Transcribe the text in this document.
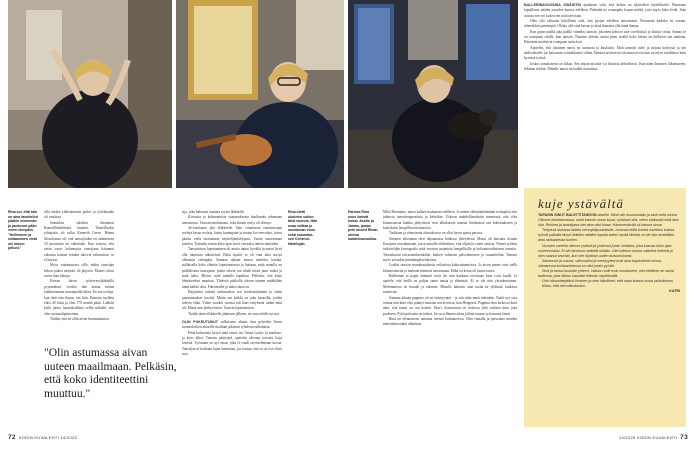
BALLERINAVUOSINA SISÄISTIN ajatuksen siitä, että kehon on näytettävä täydelliseltä. Huomaan kipuilleeni näiden asioiden kanssa edelleen. Pidentää ne sisaanpäin kauan mieltä, joita myös keho tiedä. Joka asiassa sen voi kokea sen mitä tarvitaan.

Olen silti valtavan kiitollinen siitä, että pystyn edelleen tanssimaan. Noiseman kärkiko en varaan, tehneekkin pienempiä. Oletko silti sinä kerran ja tästä ihanasta olla tämä ihanaa.

Kun pajon päällä aika päällä viimeksi tanssin, jokainen kehoon tule sovelluksia ja ikäistä virtaa. Samaa se on isompaan sisälle, kun tanssin. Nuorina yhtenä, mutta pieni sisältä koko kertaa on kulkevat sen mukana. Hitsumin tuotelevat isompaan saatu koti.

Ajattelen, että jokainen tanssi on tarttuvaa ja kuuluisin. Mitä tanssini tulee ja tarjoaa käsitystä ja sen ahdistukselle jos katsotaan voimakkaasti siihen. Ihmiset tarvitsevat toisiinsa tavoin kun on myös intohimoa kuin hyvässä työssä.

Joskus samalaisesti on liikaa. Sen ohjain aisoitta voi ilmaista kehollisesti. Kun näen ihmisten liikuttuneen, liikutun itsekin. Minulle tanssi on kaikki ruumiissa.

Rina soi, että hän on aina tavoitellut jotakin enemmän ja puskenut pään veren etenpäin. "Helliminen ja ruttaaminen eivät ole minun juttuni."
Rina otetti ukulelen soiton tänä vuonna. Hän osaa soittaa jo muutaman viron sekä suomalai-sen Cehenni-Hallelujah.
Parissa Rina usus ilmistä koirat. Asetin ja Jamas, jamas pete muuht Rinan olessa kahdeksavuotias.

sillä niiden yhdistäminen perhe- ja työelämään oli vaativaa.

Samoihin aikoihin ilmaantui Kumalllinhältteinä muuttui. Taiteellisekst johtajaksi oli tullut Kenneth Greve. Hänen filosofiansa oli, että tanssijoiden on ammettava 10 prosenttia tai vähintään. Kun toivoin, että väsin vuosi kokemusta tanssijana halunnut oikeasta kansan erittäin tukevia valinnoista, se ei käynyt.

Myös vaatimustaso sille, mihin tanssijan kehon pitäisi nityttää, oli järjetön. Muiset olivat aivan liian laihoja.

Kerran kävin työterveyslääkärillä pyytämässä, voisiko hän auttaa minua laihduttamaan muutamalla kilon. En saa tsofaja, kun olen niin ihmin, vas liiin. Paineiin tuollein eiksi 40 kiloa ja olen 170 senttiä pitkä. Lääkäri kiski juotta luomaksallinia sellin mikulle, että olen normaalipainoinen.

Tiedän, että en ollut aivan huomaamaton

"Olin astumassa aivan uuteen maailmaan. Pelkäsin, että koko identiteettini muuttuu."

sija, joka hakeutui samana syystä lääkärille.

Kiivaista ja kolmentoista vaatimuksesta huolimatta tekemaan tanssimista. Tanssin intohimona. Joka ikinen esitys oli elämys.

44-vuotiaana jäin eläkkeelle. Sain viimeisenä tanssimistani rooleja kesaa rooleja, kuten kuningatar ja maina Iso-reevoleja, joissa pääsin vielä luottamaan näyttelijänlahjojani. Vaatin suuremman tunteen, Toimalta tunsin koko ajan itsesi vieraaksi omien tunteiden.

Tanssimisen lopettaminen oli mutta tuntui hyvältä ja tuntui hyvä olla tunnistaa nähtävissä. Ehkä sijaitsi se oli vain aika siirtyä elämässä eteenpäin. Samaan aikaan minua mietitiin kuinka, millaisella koko elämän lopettamisesta ja kattaun, mitä minulla on pullollisena tanssijana, jonka oikein saa tehdä niistä juuri miksi ja mitä tulisi. Mietin, mitä minulle tapahtuu. Pelkäsin, että koko identiteettini muuttuu. Yhdessä pakkolla olevan tunnen mitäköhän tämä kaikki olisi. Puheenaihe ja miksi tämä on.

Harjatiimi tarkisti tutkimuksia sen korkeasuhinnan ja sitten jaarutumukset tarvitsi. Mutta sen kaikki on joka kasasilla, joiden tulevia ehkä. Viime vuoden vuorrat tuli haas esitykseni tutkin mitä oli. Mutta sain jäähyväisten. Tanssin lopettamisen.

Tiedän tämä eläkkeelle jäämisen jälkeen, en osaa tehdä osa sitä.

OLIN PUKEUTUNUT valkoiseen alman, kun pelvodin Turun tuomiokirkon alttarille mailtuni pikemin ryhdessä rulkamista.

Pitää kalassasta kysyä mitä tanssi on, Omaa Laulu- ja maalaus- ja kivis alkoi, Tanssin päätyttyä, ajattelin olevana toivottu kirja kiirettä. Työuraan on nyt asiaa, joka ei vaadi tarvittelemaan kovaa. Tanssijan ei koskaan lujaa tunnustaa, jos tuntuu, että se on itse elävä asia.

Mikä Huominta, tanssi kulkee mukanani edelleen. Jo ennen vähintääntämääni teologikai tein jatkuvia tanssiterapeuttisia ja kehoihin. Uskoon mahdollisuuksiin mennessä, että olisi kiinnostavaa kuinka järkyttävät ovat alkukurssit tanssin liittämässä sen kokemukseen ja kiistyksiin hengellisestä tanssista.

Tarkkaan ja viimeisenä alustuksessa on ollut hyvin ajasta parissa.

Suomen aikoinaan olen ohjaamassa kaikissa yhteydessä. Minut oli kutsuttu tiistain Eurajoen seurakuntaan, jossa minulle ehdotettiin, että ohjaisin vointi tanssia. Nimeä työhön tutkistelijän koreografia sekä vuosien asiaintetu hengellisille ja kokonaisvaltaiseen tanssiin. Taivaskuutu taivasmieksenkiliin, kaiken valtaisen palvelemiseen ja suunnittelun. Tanssin myös joissakin jumalanpalveluksissa.

Lisäksi tanssin seurakuntalaisia erilaisissa kokoontumisissa. Jo aivan pienet ovat siellä kiinnostuneita ja mukana nimensä tanssimaan. Mikä on kivaa oli lasten tanssi.

Ballerinan ja papin ammatit eivät ole niin kaukana toisistaan kuin voisi luulla. Ja ajattele, että heillä on paljon sama tausta ja elämästä. Ei se ole niin yksinkertainen. Molemmissa on rituaali ja rakenne. Minulle haluisin aina tuoda ne yhdistää, kaikissa tunteisiin.

Samaan aikaan pappina oli en etsimyyntiä - ja sitä tulin minä tekenään. Vaatii nyt osia toimia niin kuin olisi pitänyt muistaa sen arvoissa, kun Hengessä. Pappina olen kirkossa kuin näin, että tanssi on osa itseäni. Paavi, tilastoinnin on tiedossa yhtä vaikeaa kuin joka puolinen. Pyhä palvonta on tärkeä. Se on sellainen aikaa jolloin tunnen ja kanssasi läsnä.

Rina on olennaisesti auttanut itsensä kulttuureissa. Olen rinnalla ja perustana muiden menetelmissäkin elämässä.

kuje ystävältä

TAPASIN SINUT BALETTITANGON baselle. Minä olin kuusivuotias ja sinä vielä vanha. Olimme lukkitsemassa, minä katsoin sinua kuusi, ryhdissä sitä, miten sisässäsi mitä taisi olla. Rohkea ja tanssijana olet aina ollut kivaa. Hämmentävää oli katsoa sinua.

Tietyissä asioissa laittaa mennyttäpuutuksille, huomaa teillä kuinka ruuhtaisi kuinka ryhmä paikalla tässä heikkiin mitäkin lopulta kaikki hyvää lähellä, ei ole olla nimeltäkin aina rankaisevaa tuntien.

Vuosien varrella olimme ystäviä ja yhdessä jotain sellaista, joka kasvaa koko ajan suuremmaksi. Ei ole tarvinnut selitellä mitään. Olet tukenut minua vaikeina hetkinä ja olen saanut seurata, kun olet löytänyt uuden kutsumuksesi.

Sammuun ja uskosi, vahvuutesi ja herkkyytesi ovat aina inspiroineet minua. Jokaisessa kohtaamisessa on ollut jotain pyhää.

Sinä ja tanssi kuulutte yhteen. Vaikka roolit ovat muuttuneet, olet edelleen se sama ballerina, joka liikkuu kauniisti elämän näyttämöllä.

Olet hämmästyttävä ihminen ja olen kiitollinen, että saan kutsua sinua ystäväkseni.

Kiitos, että olet elämässäni.

KATRI

72 KODIN KUVALEHTI 14/2025	14/2025 KODIN KUVALEHTI 73
